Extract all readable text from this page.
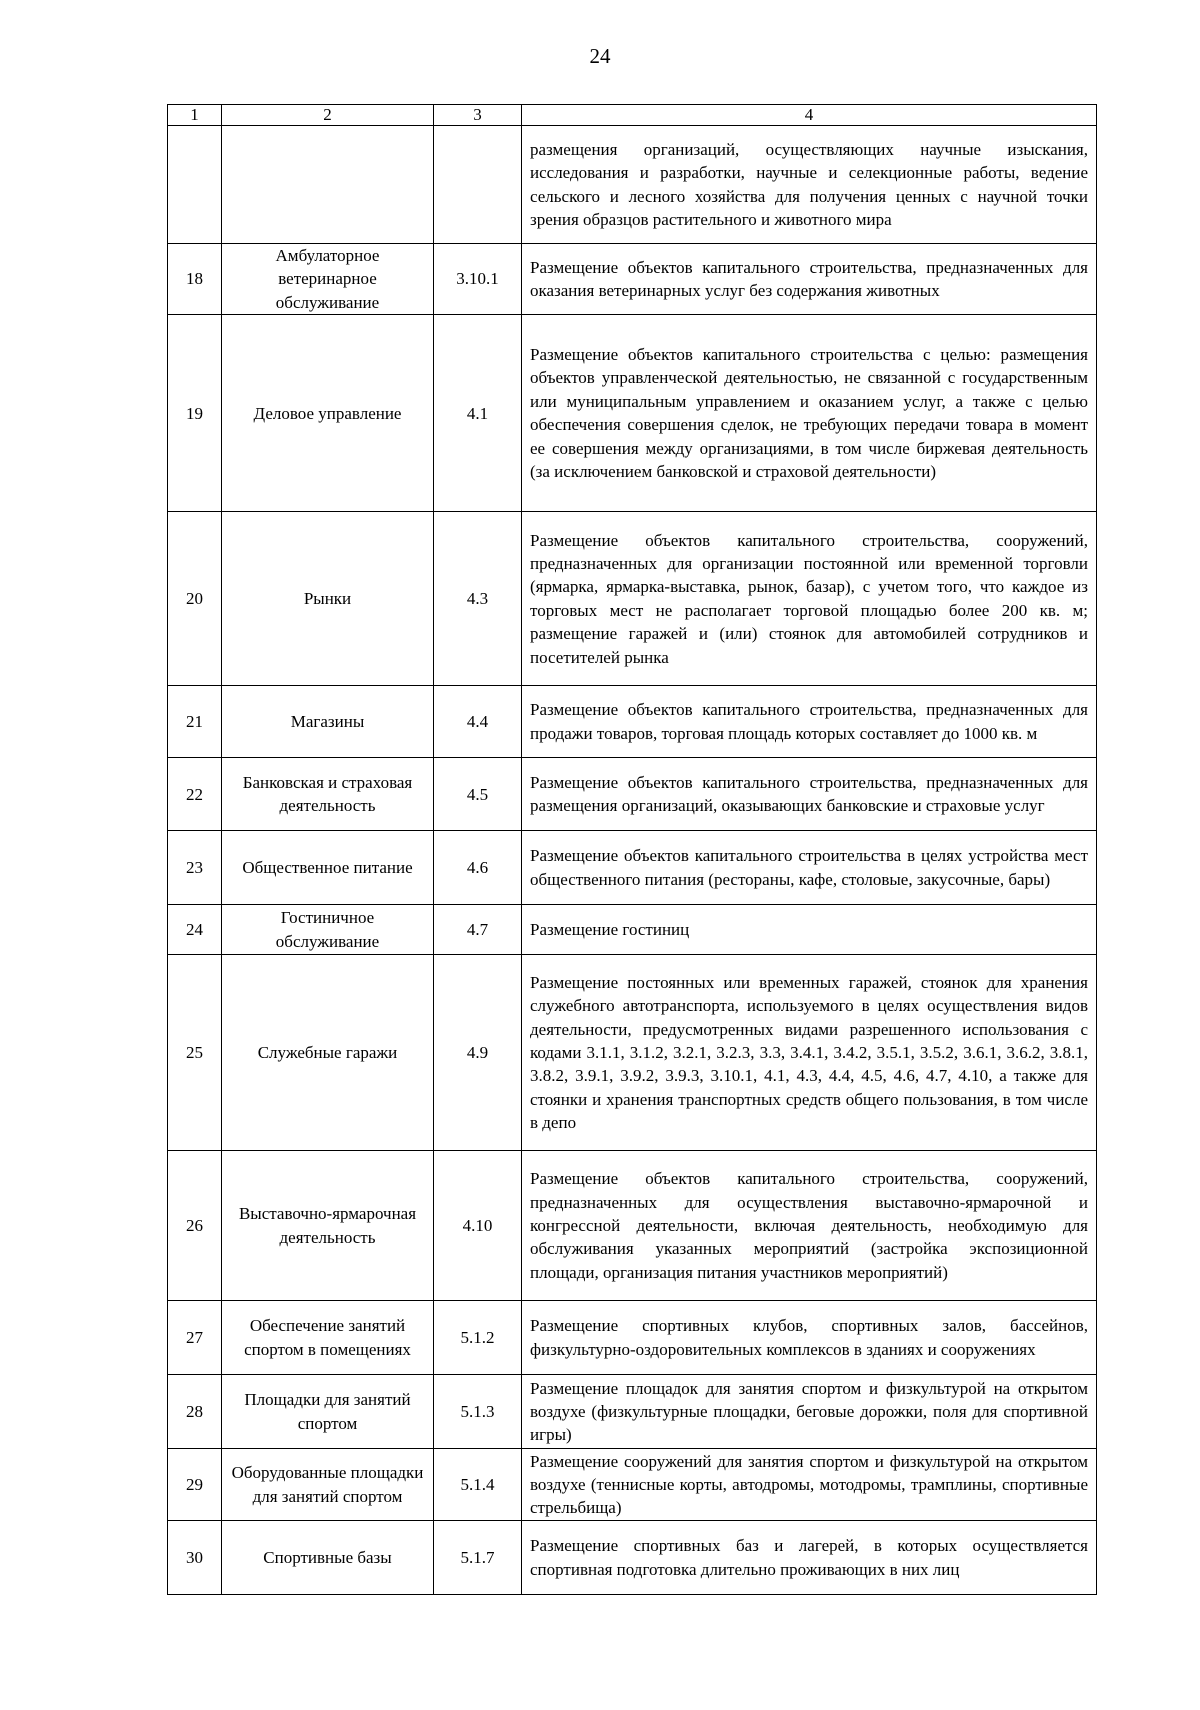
24
1	2	3	4
			размещения организаций, осуществляющих научные изыскания, исследования и разработки, научные и селекционные работы, ведение сельского и лесного хозяйства для получения ценных с научной точки зрения образцов растительного и животного мира
18	Амбулаторное ветеринарное обслуживание	3.10.1	Размещение объектов капитального строительства, предназначенных для оказания ветеринарных услуг без содержания животных
19	Деловое управление	4.1	Размещение объектов капитального строительства с целью: размещения объектов управленческой деятельностью, не связанной с государственным или муниципальным управлением и оказанием услуг, а также с целью обеспечения совершения сделок, не требующих передачи товара в момент ее совершения между организациями, в том числе биржевая деятельность (за исключением банковской и страховой деятельности)
20	Рынки	4.3	Размещение объектов капитального строительства, сооружений, предназначенных для организации постоянной или временной торговли (ярмарка, ярмарка-выставка, рынок, базар), с учетом того, что каждое из торговых мест не располагает торговой площадью более 200 кв. м; размещение гаражей и (или) стоянок для автомобилей сотрудников и посетителей рынка
21	Магазины	4.4	Размещение объектов капитального строительства, предназначенных для продажи товаров, торговая площадь которых составляет до 1000 кв. м
22	Банковская и страховая деятельность	4.5	Размещение объектов капитального строительства, предназначенных для размещения организаций, оказывающих банковские и страховые услуг
23	Общественное питание	4.6	Размещение объектов капитального строительства в целях устройства мест общественного питания (рестораны, кафе, столовые, закусочные, бары)
24	Гостиничное обслуживание	4.7	Размещение гостиниц
25	Служебные гаражи	4.9	Размещение постоянных или временных гаражей, стоянок для хранения служебного автотранспорта, используемого в целях осуществления видов деятельности, предусмотренных видами разрешенного использования с кодами 3.1.1, 3.1.2, 3.2.1, 3.2.3, 3.3, 3.4.1, 3.4.2, 3.5.1, 3.5.2, 3.6.1, 3.6.2, 3.8.1, 3.8.2, 3.9.1, 3.9.2, 3.9.3, 3.10.1, 4.1, 4.3, 4.4, 4.5, 4.6, 4.7, 4.10, а также для стоянки и хранения транспортных средств общего пользования, в том числе в депо
26	Выставочно-ярмарочная деятельность	4.10	Размещение объектов капитального строительства, сооружений, предназначенных для осуществления выставочно-ярмарочной и конгрессной деятельности, включая деятельность, необходимую для обслуживания указанных мероприятий (застройка экспозиционной площади, организация питания участников мероприятий)
27	Обеспечение занятий спортом в помещениях	5.1.2	Размещение спортивных клубов, спортивных залов, бассейнов, физкультурно-оздоровительных комплексов в зданиях и сооружениях
28	Площадки для занятий спортом	5.1.3	Размещение площадок для занятия спортом и физкультурой на открытом воздухе (физкультурные площадки, беговые дорожки, поля для спортивной игры)
29	Оборудованные площадки для занятий спортом	5.1.4	Размещение сооружений для занятия спортом и физкультурой на открытом воздухе (теннисные корты, автодромы, мотодромы, трамплины, спортивные стрельбища)
30	Спортивные базы	5.1.7	Размещение спортивных баз и лагерей, в которых осуществляется спортивная подготовка длительно проживающих в них лиц
